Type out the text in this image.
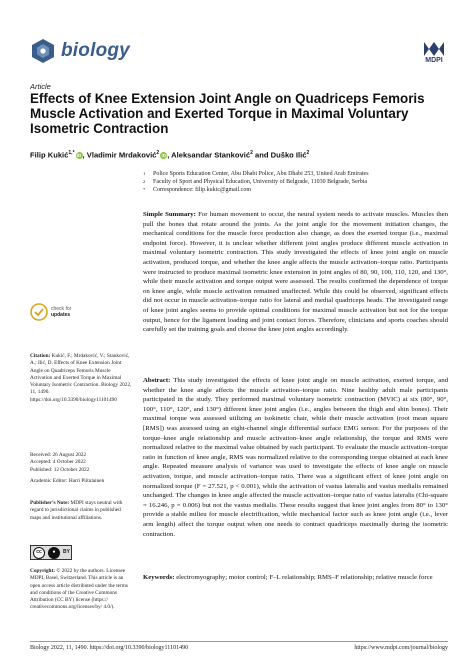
biology	MDPI
Article
Effects of Knee Extension Joint Angle on Quadriceps Femoris Muscle Activation and Exerted Torque in Maximal Voluntary Isometric Contraction
Filip Kukić$^{1,*}$ iD, Vladimir Mrdaković$^2$ iD, Aleksandar Stanković$^2$ and Duško Ilić$^2$
1	Police Sports Education Center, Abu Dhabi Police, Abu Dhabi 253, United Arab Emirates
2	Faculty of Sport and Physical Education, University of Belgrade, 11030 Belgrade, Serbia
*	Correspondence: filip.kukic@gmail.com

Simple Summary: For human movement to occur, the neural system needs to activate muscles. Muscles then pull the bones that rotate around the joints. As the joint angle for the movement initiation changes, the mechanical conditions for the muscle force production also change, as does the exerted torque (i.e., maximal endpoint force). However, it is unclear whether different joint angles produce different muscle activation in maximal voluntary isometric contraction. This study investigated the effects of knee joint angle on muscle activation, produced torque, and whether the knee angle affects the muscle activation–torque ratio. Participants were instructed to produce maximal isometric knee extension in joint angles of 80, 90, 100, 110, 120, and 130°, while their muscle activation and torque output were assessed. The results confirmed the dependence of torque on knee angle, while muscle activation remained unaffected. While this could be observed, significant effects did not occur in muscle activation–torque ratio for lateral and medial quadriceps heads. The investigated range of knee joint angles seems to provide optimal conditions for maximal muscle activation but not for the torque output, hence for the ligament loading and joint contact forces. Therefore, clinicians and sports coaches should carefully set the training goals and choose the knee joint angles accordingly.

Abstract: This study investigated the effects of knee joint angle on muscle activation, exerted torque, and whether the knee angle affects the muscle activation–torque ratio. Nine healthy adult male participants participated in the study. They performed maximal voluntary isometric contraction (MVIC) at six (80°, 90°, 100°, 110°, 120°, and 130°) different knee joint angles (i.e., angles between the thigh and shin bones). Their maximal torque was assessed utilizing an isokinetic chair, while their muscle activation (root mean square [RMS]) was assessed using an eight-channel single differential surface EMG sensor. For the purposes of the torque–knee angle relationship and muscle activation–knee angle relationship, the torque and RMS were normalized relative to the maximal value obtained by each participant. To evaluate the muscle activation–torque ratio in function of knee angle, RMS was normalized relative to the corresponding torque obtained at each knee angle. Repeated measure analysis of variance was used to investigate the effects of knee angle on muscle activation, torque, and muscle activation–torque ratio. There was a significant effect of knee joint angle on normalized torque (F = 27.521, p < 0.001), while the activation of vastus lateralis and vastus medialis remained unchanged. The changes in knee angle affected the muscle activation–torque ratio of vastus lateralis (Chi-square = 16.246, p = 0.006) but not the vastus medialis. These results suggest that knee joint angles from 80° to 130° provide a stable milieu for muscle electrification, while mechanical factor such as knee joint angle (i.e., lever arm length) affect the torque output when one needs to contract quadriceps maximally during the isometric contraction.

Keywords: electromyography; motor control; F–L relationship; RMS–F relationship; relative muscle force

check for
updates
Citation: Kukić, F.; Mrdaković, V.; Stanković, A.; Ilić, D. Effects of Knee Extension Joint Angle on Quadriceps Femoris Muscle Activation and Exerted Torque in Maximal Voluntary Isometric Contraction. Biology 2022, 11, 1490. https://doi.org/10.3390/biology11101490
Received: 26 August 2022
Accepted: 4 October 2022
Published: 12 October 2022
Academic Editor: Harri Piitulainen
Publisher’s Note: MDPI stays neutral with regard to jurisdictional claims in published maps and institutional affiliations.
cc	●	BY
Copyright: © 2022 by the authors. Licensee MDPI, Basel, Switzerland. This article is an open access article distributed under the terms and conditions of the Creative Commons Attribution (CC BY) license (https:// creativecommons.org/licenses/by/ 4.0/).
Biology 2022, 11, 1490. https://doi.org/10.3390/biology11101490	https://www.mdpi.com/journal/biology
